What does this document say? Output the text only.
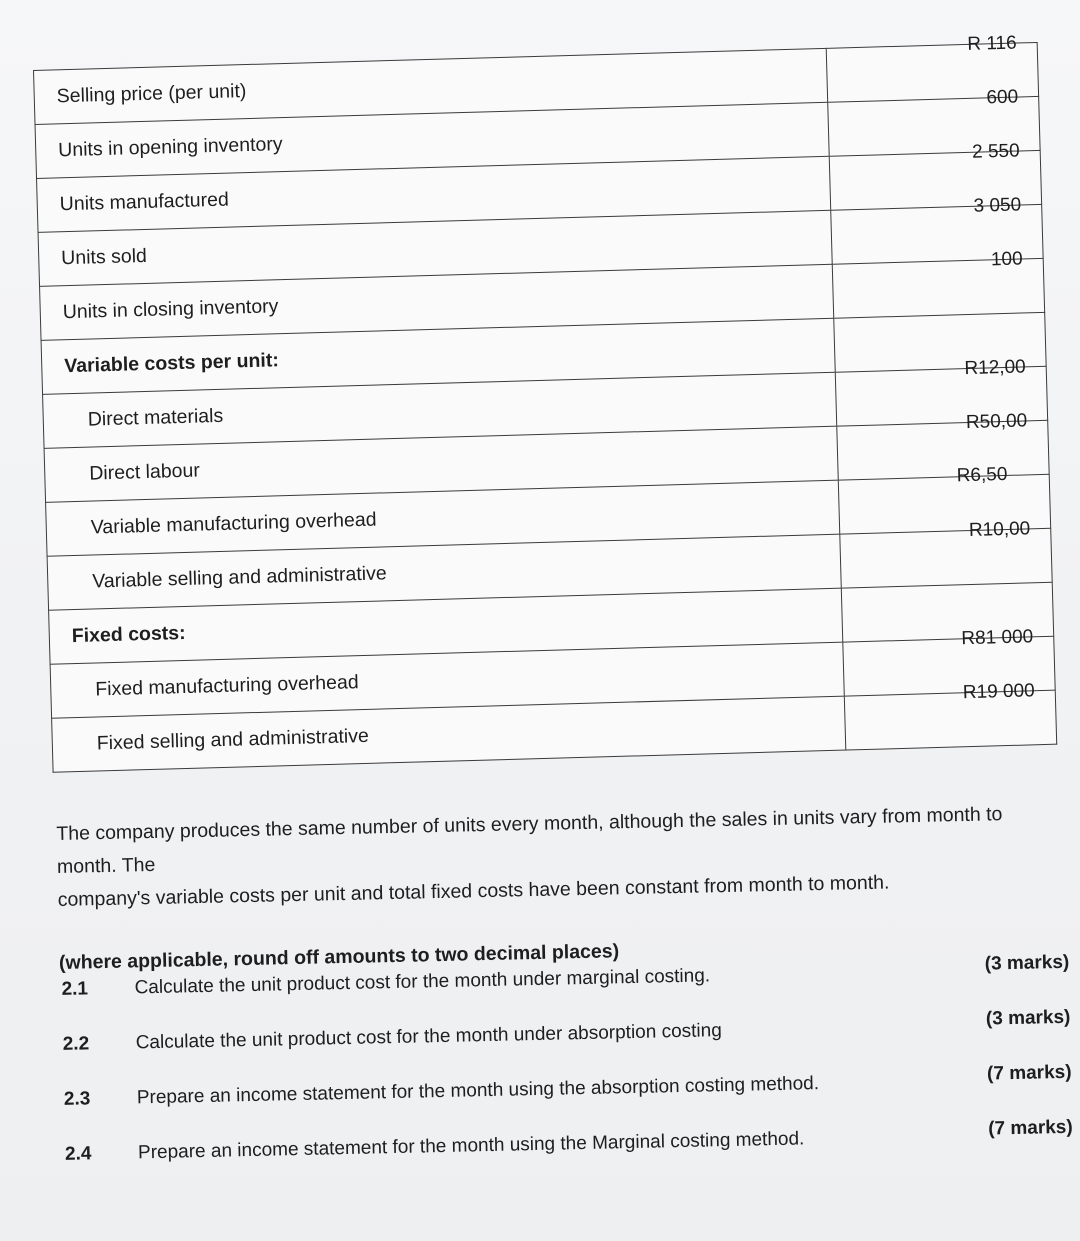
Selling price (per unit)	R 116

Units in opening inventory	600

Units manufactured	2 550

Units sold	3 050

Units in closing inventory	100

Variable costs per unit:	

Direct materials	R12,00

Direct labour	R50,00

Variable manufacturing overhead	R6,50

Variable selling and administrative	R10,00

Fixed costs:	

Fixed manufacturing overhead	R81 000

Fixed selling and administrative	R19 000
The company produces the same number of units every month, although the sales in units vary from month to month. The
company's variable costs per unit and total fixed costs have been constant from month to month.
(where applicable, round off amounts to two decimal places)
2.1 Calculate the unit product cost for the month under marginal costing.
(3 marks)
2.2 Calculate the unit product cost for the month under absorption costing
(3 marks)
2.3 Prepare an income statement for the month using the absorption costing method.	(7 marks)
2.4 Prepare an income statement for the month using the Marginal costing method.
(7 marks)
